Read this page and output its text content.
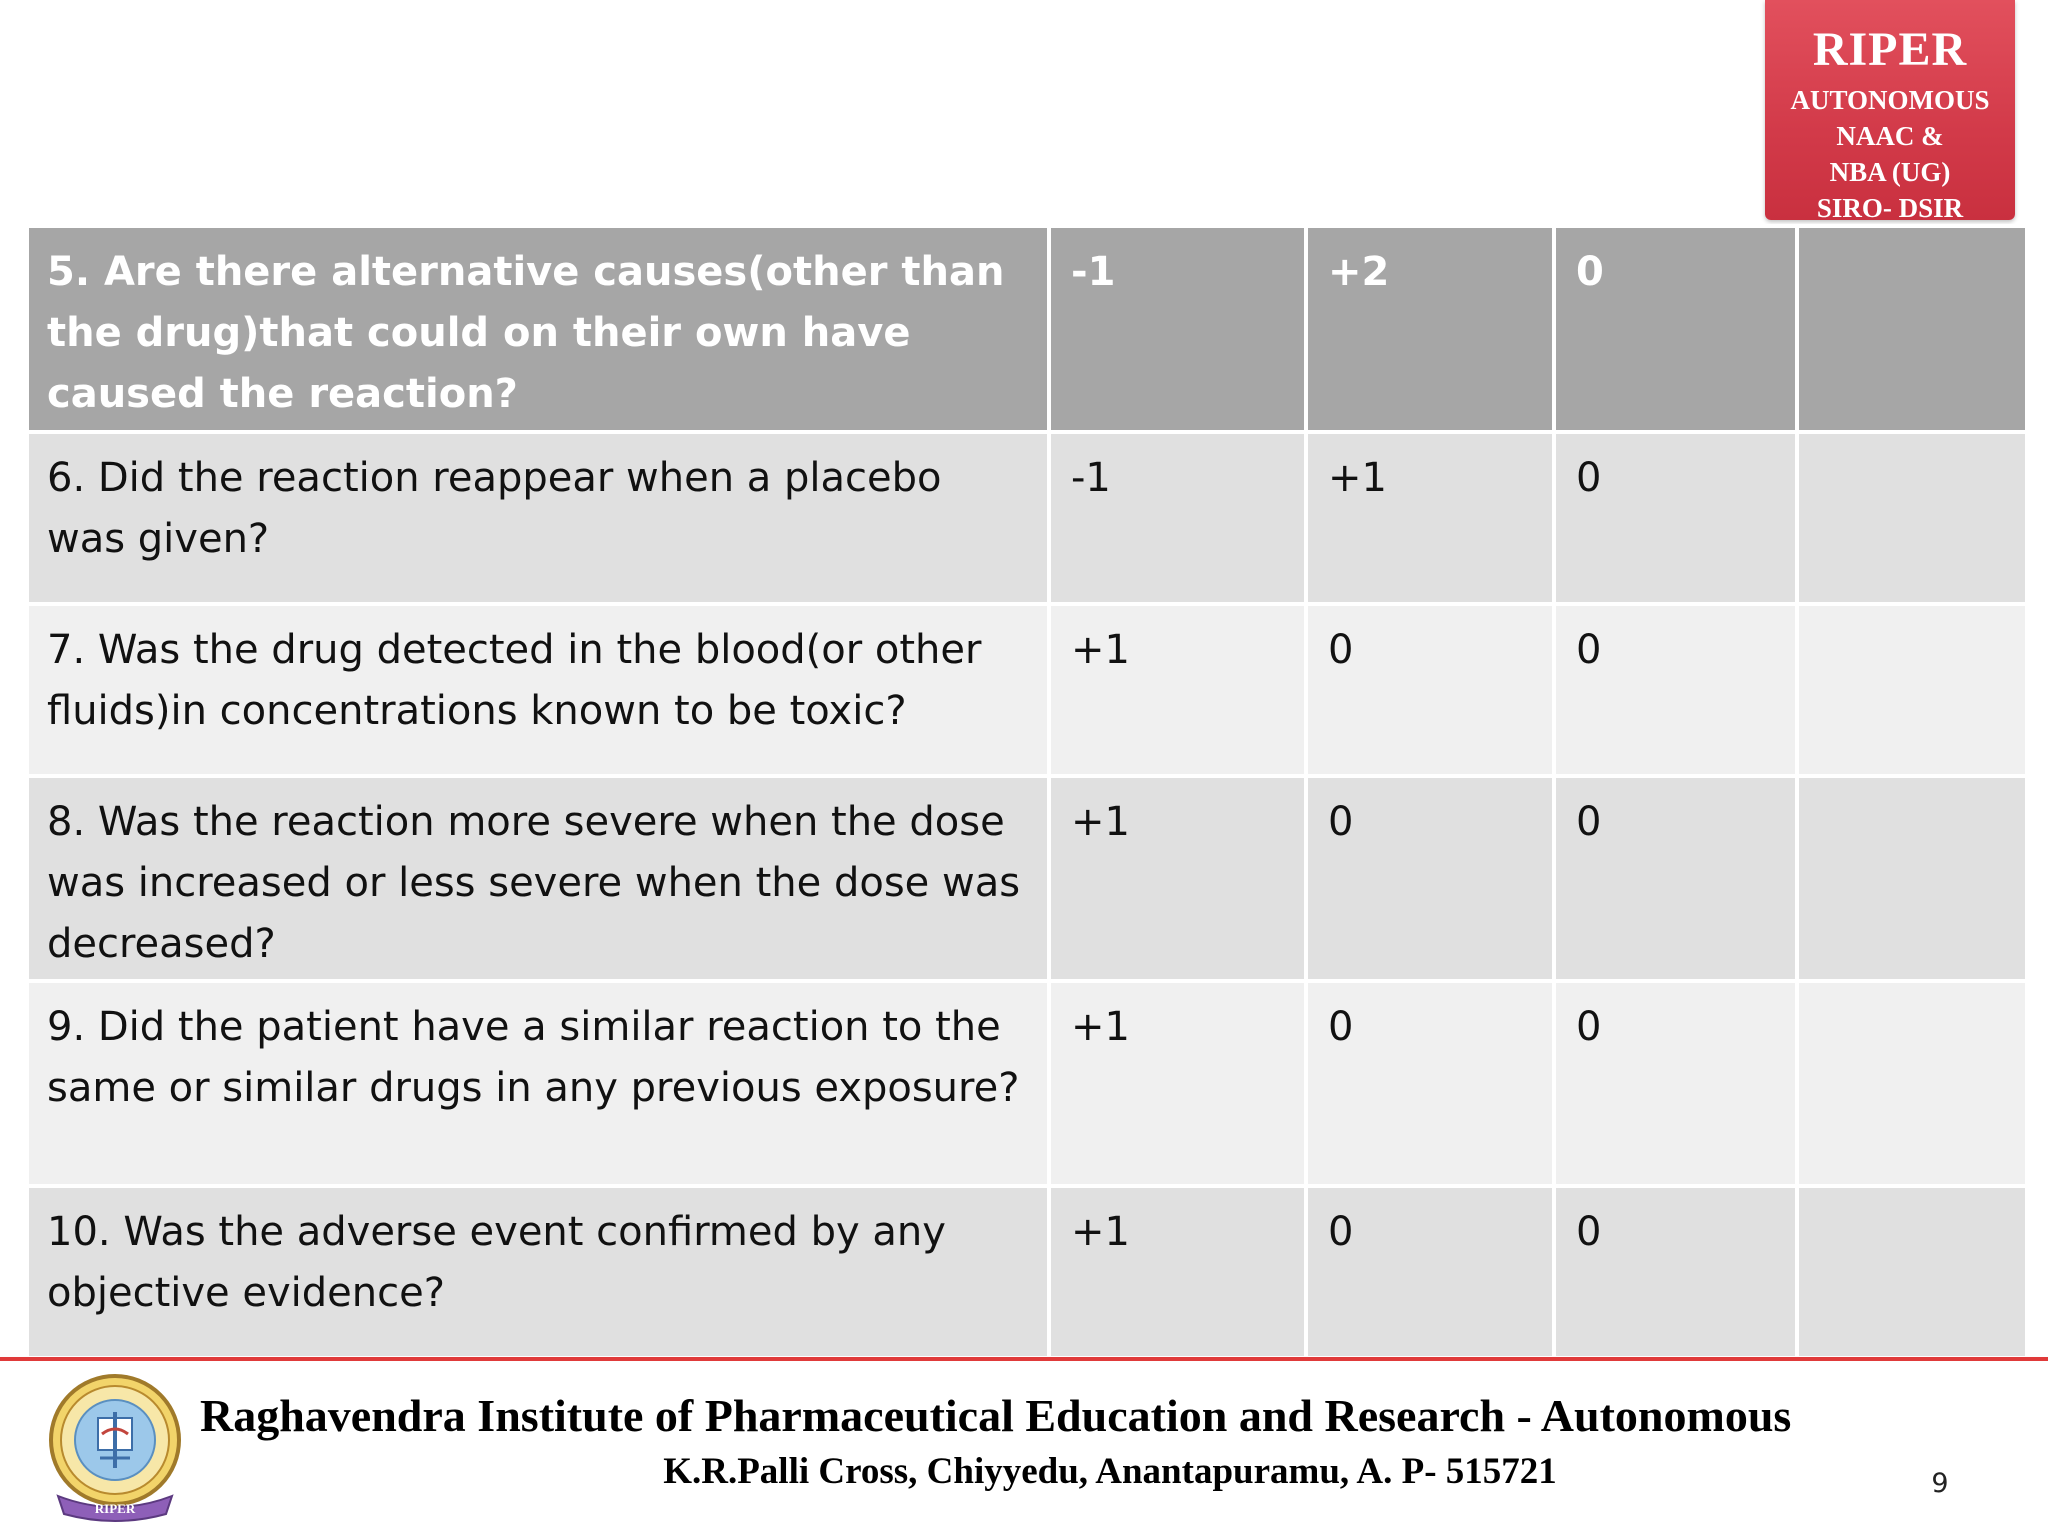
RIPER
AUTONOMOUS
NAAC &
NBA (UG)
SIRO- DSIR
5. Are there alternative causes(other than the drug)that could on their own have caused the reaction?	-1	+2	0	
6. Did the reaction reappear when a placebo was given?	-1	+1	0	
7. Was the drug detected in the blood(or other fluids)in concentrations known to be toxic?	+1	0	0	
8. Was the reaction more severe when the dose was increased or less severe when the dose was decreased?	+1	0	0	
9. Did the patient have a similar reaction to the same or similar drugs in any previous exposure?	+1	0	0	
10. Was the adverse event confirmed by any objective evidence?	+1	0	0	
RIPER
Raghavendra Institute of Pharmaceutical Education and Research - Autonomous
K.R.Palli Cross, Chiyyedu, Anantapuramu, A. P- 515721	9
